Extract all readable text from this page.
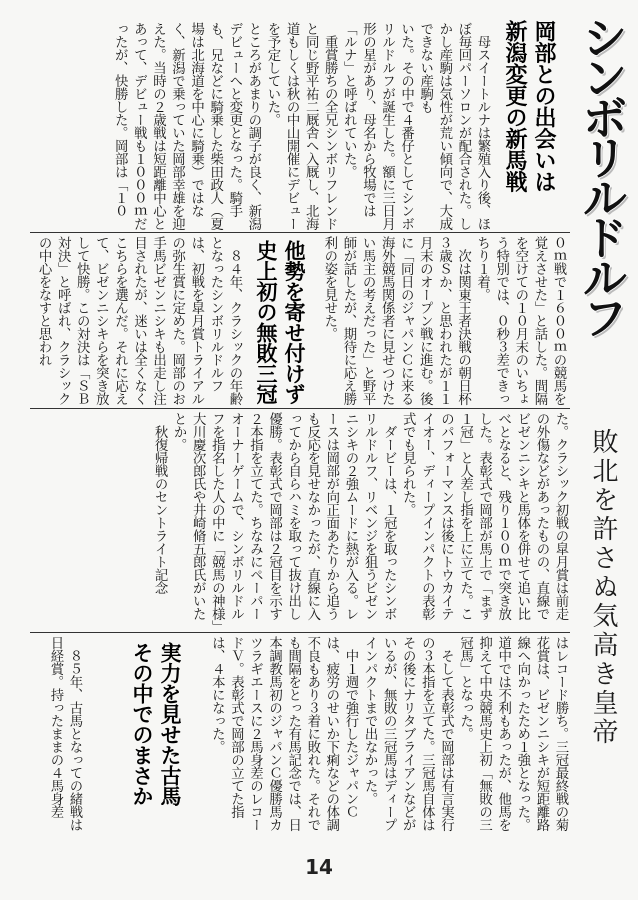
シンボリルドルフ
敗北を許さぬ気高き皇帝
岡部との出会いは
新潟変更の新馬戦
　母スイートルナは繁殖入り後、ほぼ毎回パーソロンが配合された。しかし産駒は気性が荒い傾向で、大成できない産駒も
いた。その中で４番仔としてシンボリルドルフが誕生した。額に三日月形の星があり、母名から牧場では「ルナ」と呼ばれていた。
　重賞勝ちの全兄シンボリフレンドと同じ野平祐二厩舎へ入厩し、北海道もしくは秋の中山開催にデビューを予定していた。
ところがあまりの調子が良く、新潟デビューへと変更となった。騎手も、兄などに騎乗した柴田政人（夏場は北海道を中心に騎乗）ではなく、新潟で乗っていた岡部幸雄を迎えた。当時の２歳戦は短距離中心とあって、デビュー戦も１０００ｍだったが、快勝した。岡部は「１０
０ｍ戦で１６００ｍの競馬を覚えさせた」と話した。間隔を空けての１０月末のいちょう特別では、０秒３差できっちり１着。
　次は関東王者決戦の朝日杯３歳Ｓか、と思われたが１１月末のオープン戦に進む。後に「同日のジャパンＣに来る海外競馬関係者に見せつけたい馬主の考えだった」と野平師が話したが、期待に応え勝利の姿を見せた。
他勢を寄せ付けず
史上初の無敗三冠
　８４年、クラシックの年齢となったシンボリルドルフは、初戦を皐月賞トライアルの弥生賞に定めた。岡部のお手馬ビゼンニシキも出走し注目されたが、迷いは全くなくこちらを選んだ。それに応えて、ビゼンニシキらを突き放して快勝。この対決は「ＳＢ対決」と呼ばれ、クラシックの中心をなすと思われ
た。クラシック初戦の皐月賞は前走の外傷などがあったものの、直線でビゼンニシキと馬体を併せて追い比べとなると、残り１００ｍで突き放した。表彰式で岡部が馬上で「まず１冠」と人差し指を上に立てた。このパフォーマンスは後にトウカイテイオー、ディープインパクトの表彰式でも見られた。
　ダービーは、１冠を取ったシンボリルドルフ、リベンジを狙うビゼンニシキの２強ムードに熱が入る。レースは岡部が向正面あたりから追うも反応を見せなかったが、直線に入ってから自らハミを取って抜け出し優勝。表彰式で岡部は２冠目を示す２本指を立てた。ちなみにペーパーオーナーゲームで、シンボリルドルフを指名した人の中に「競馬の神様」大川慶次郎氏や井崎脩五郎氏がいたとか。
　秋復帰戦のセントライト記念
はレコード勝ち。三冠最終戦の菊花賞は、ビゼンニシキが短距離路線へ向かったため１強となった。道中では不利もあったが、他馬を抑えて中央競馬史上初「無敗の三冠馬」となった。
　そして表彰式で岡部は有言実行の３本指を立てた。三冠馬自体はその後にナリタブライアンなどがいるが、無敗の三冠馬はディープインパクトまで出なかった。
　中１週で強行したジャパンＣは、疲労のせいか下痢などの体調不良もあり３着に敗れた。それでも間隔をとった有馬記念では、日本調教馬初のジャパンＣ優勝馬カツラギエースに２馬身差のレコードＶ。表彰式で岡部の立てた指は、４本になった。
実力を見せた古馬
その中でのまさか
　８５年、古馬となっての緒戦は日経賞。持ったままの４馬身差
14
